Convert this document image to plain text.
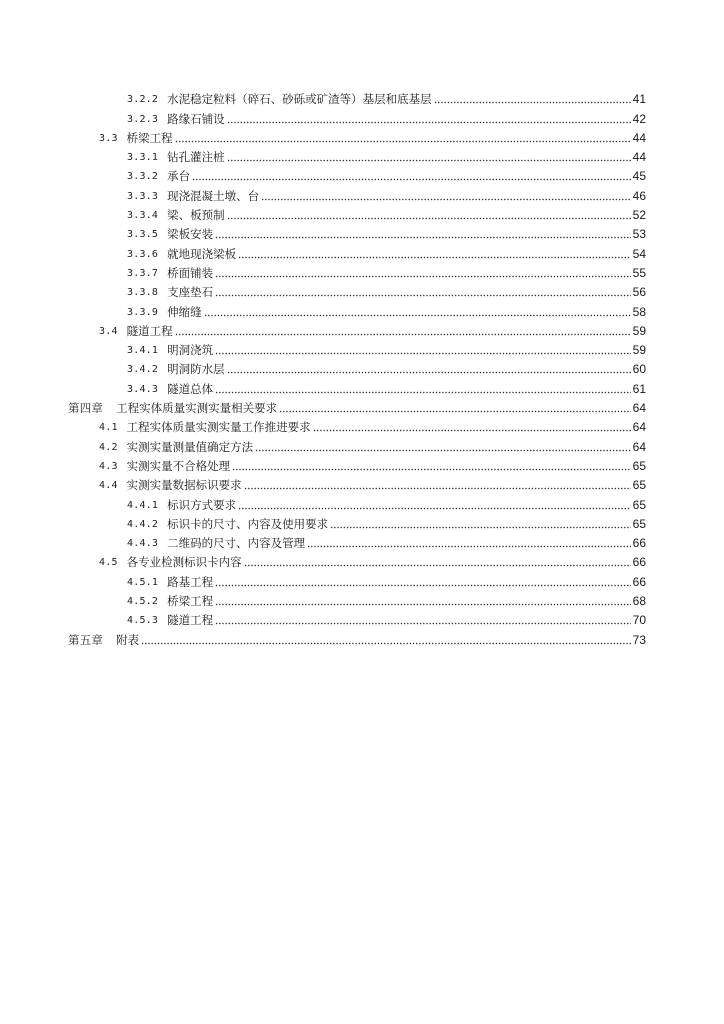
3.2.2 水泥稳定粒料（碎石、砂砾或矿渣等）基层和底基层	41
3.2.3 路缘石铺设	42
3.3 桥梁工程	44
3.3.1 钻孔灌注桩	44
3.3.2 承台	45
3.3.3 现浇混凝土墩、台	46
3.3.4 梁、板预制	52
3.3.5 梁板安装	53
3.3.6 就地现浇梁板	54
3.3.7 桥面铺装	55
3.3.8 支座垫石	56
3.3.9 伸缩缝	58
3.4 隧道工程	59
3.4.1 明洞浇筑	59
3.4.2 明洞防水层	60
3.4.3 隧道总体	61
第四章 工程实体质量实测实量相关要求	64
4.1 工程实体质量实测实量工作推进要求	64
4.2 实测实量测量值确定方法	64
4.3 实测实量不合格处理	65
4.4 实测实量数据标识要求	65
4.4.1 标识方式要求	65
4.4.2 标识卡的尺寸、内容及使用要求	65
4.4.3 二维码的尺寸、内容及管理	66
4.5 各专业检测标识卡内容	66
4.5.1 路基工程	66
4.5.2 桥梁工程	68
4.5.3 隧道工程	70
第五章 附表	73
